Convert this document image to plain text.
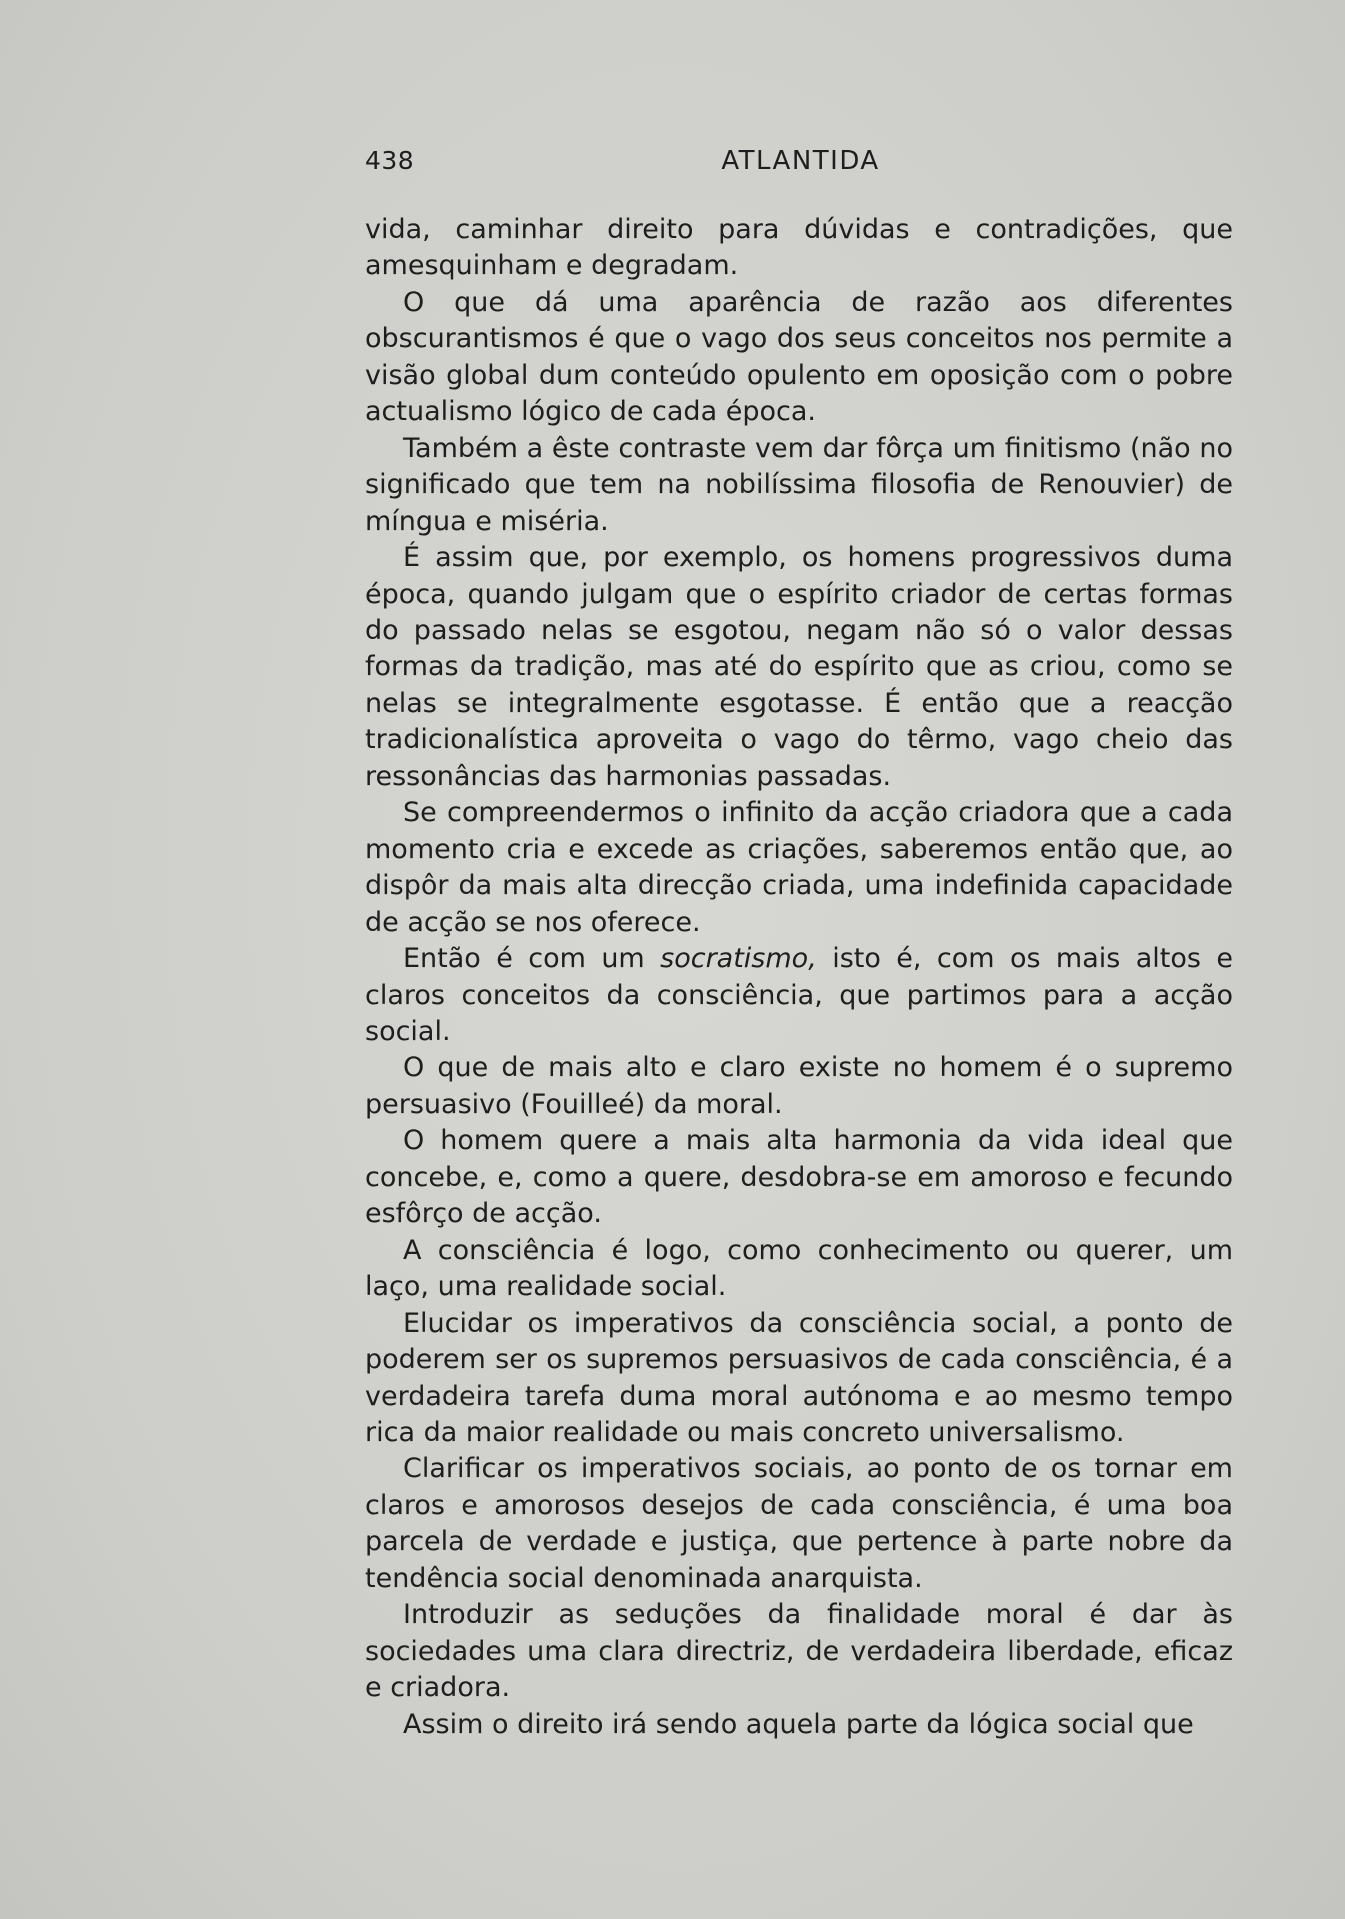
438	ATLANTIDA

vida, caminhar direito para dúvidas e contradições, que amesquinham e degradam.

O que dá uma aparência de razão aos diferentes obscurantismos é que o vago dos seus conceitos nos permite a visão global dum conteúdo opulento em oposição com o pobre actualismo lógico de cada época.

Também a êste contraste vem dar fôrça um finitismo (não no significado que tem na nobilíssima filosofia de Renouvier) de míngua e miséria.

É assim que, por exemplo, os homens progressivos duma época, quando julgam que o espírito criador de certas formas do passado nelas se esgotou, negam não só o valor dessas formas da tradição, mas até do espírito que as criou, como se nelas se integralmente esgotasse. É então que a reacção tradicionalística aproveita o vago do têrmo, vago cheio das ressonâncias das harmonias passadas.

Se compreendermos o infinito da acção criadora que a cada momento cria e excede as criações, saberemos então que, ao dispôr da mais alta direcção criada, uma indefinida capacidade de acção se nos oferece.

Então é com um socratismo, isto é, com os mais altos e claros conceitos da consciência, que partimos para a acção social.

O que de mais alto e claro existe no homem é o supremo persuasivo (Fouilleé) da moral.

O homem quere a mais alta harmonia da vida ideal que concebe, e, como a quere, desdobra-se em amoroso e fecundo esfôrço de acção.

A consciência é logo, como conhecimento ou querer, um laço, uma realidade social.

Elucidar os imperativos da consciência social, a ponto de poderem ser os supremos persuasivos de cada consciência, é a verdadeira tarefa duma moral autónoma e ao mesmo tempo rica da maior realidade ou mais concreto universalismo.

Clarificar os imperativos sociais, ao ponto de os tornar em claros e amorosos desejos de cada consciência, é uma boa parcela de verdade e justiça, que pertence à parte nobre da tendência social denominada anarquista.

Introduzir as seduções da finalidade moral é dar às sociedades uma clara directriz, de verdadeira liberdade, eficaz e criadora.

Assim o direito irá sendo aquela parte da lógica social que
